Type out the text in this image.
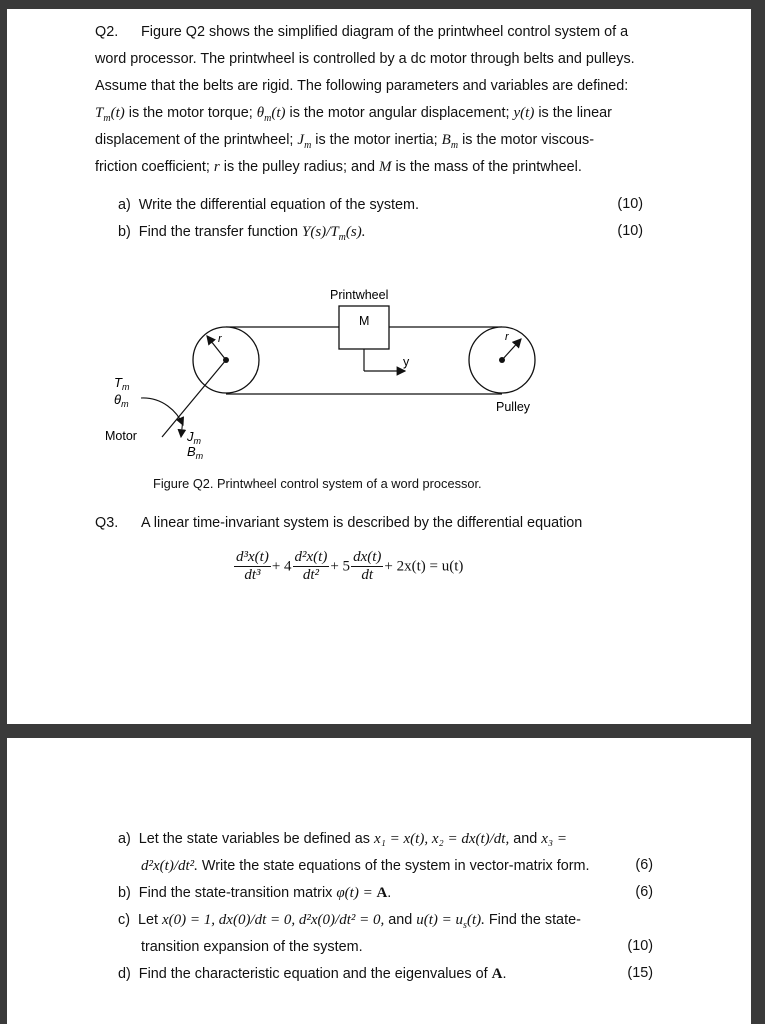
Q2. Figure Q2 shows the simplified diagram of the printwheel control system of a
word processor. The printwheel is controlled by a dc motor through belts and pulleys.
Assume that the belts are rigid. The following parameters and variables are defined:
$T_m(t)$ is the motor torque; $\theta_m(t)$ is the motor angular displacement; y(t) is the linear
displacement of the printwheel; $J_m$ is the motor inertia; $B_m$ is the motor viscous-
friction coefficient; r is the pulley radius; and M is the mass of the printwheel.
a) Write the differential equation of the system.	(10)
b) Find the transfer function $Y(s)/T_m(s)$.	(10)
Printwheel
M
y
r	r
Pulley
Motor
$T_m$
$\theta_m$
$J_m$
$B_m$
Figure Q2. Printwheel control system of a word processor.
Q3. A linear time-invariant system is described by the differential equation
$\frac{\text{d³x(t)}}{\text{dt³}} + 4 \frac{\text{d²x(t)}}{\text{dt²}} + 5 \frac{dx(t)}{dt} + 2x(t) = u(t)$
a) Let the state variables be defined as x₁ = x(t), x₂ = dx(t)/dt, and x₃ =
d²x(t)/dt². Write the state equations of the system in vector-matrix form.	(6)
b) Find the state-transition matrix φ(t) = A.	(6)
c) Let x(0) = 1, dx(0)/dt = 0, d²x(0)/dt² = 0, and $u(t) = u_s(t)$. Find the state-
transition expansion of the system.	(10)
d) Find the characteristic equation and the eigenvalues of A.	(15)
